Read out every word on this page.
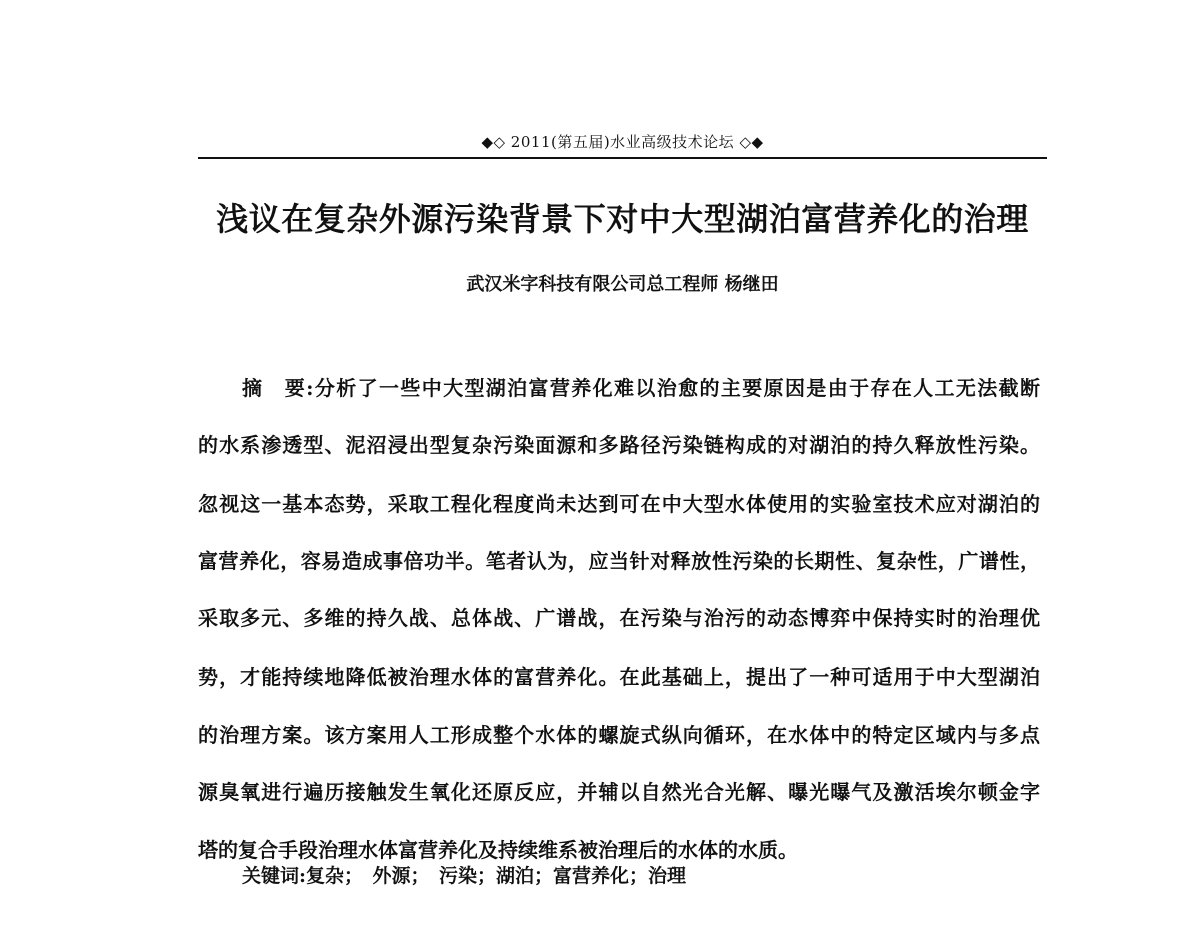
◆◇ 2011(第五届)水业高级技术论坛 ◇◆
浅议在复杂外源污染背景下对中大型湖泊富营养化的治理
武汉米字科技有限公司总工程师 杨继田
摘　要:分析了一些中大型湖泊富营养化难以治愈的主要原因是由于存在人工无法截断
的水系渗透型、泥沼浸出型复杂污染面源和多路径污染链构成的对湖泊的持久释放性污染。
忽视这一基本态势，采取工程化程度尚未达到可在中大型水体使用的实验室技术应对湖泊的
富营养化，容易造成事倍功半。笔者认为，应当针对释放性污染的长期性、复杂性，广谱性，
采取多元、多维的持久战、总体战、广谱战，在污染与治污的动态博弈中保持实时的治理优
势，才能持续地降低被治理水体的富营养化。在此基础上，提出了一种可适用于中大型湖泊
的治理方案。该方案用人工形成整个水体的螺旋式纵向循环，在水体中的特定区域内与多点
源臭氧进行遍历接触发生氧化还原反应，并辅以自然光合光解、曝光曝气及激活埃尔顿金字
塔的复合手段治理水体富营养化及持续维系被治理后的水体的水质。
关键词:复杂；　外源；　污染；湖泊；富营养化；治理
